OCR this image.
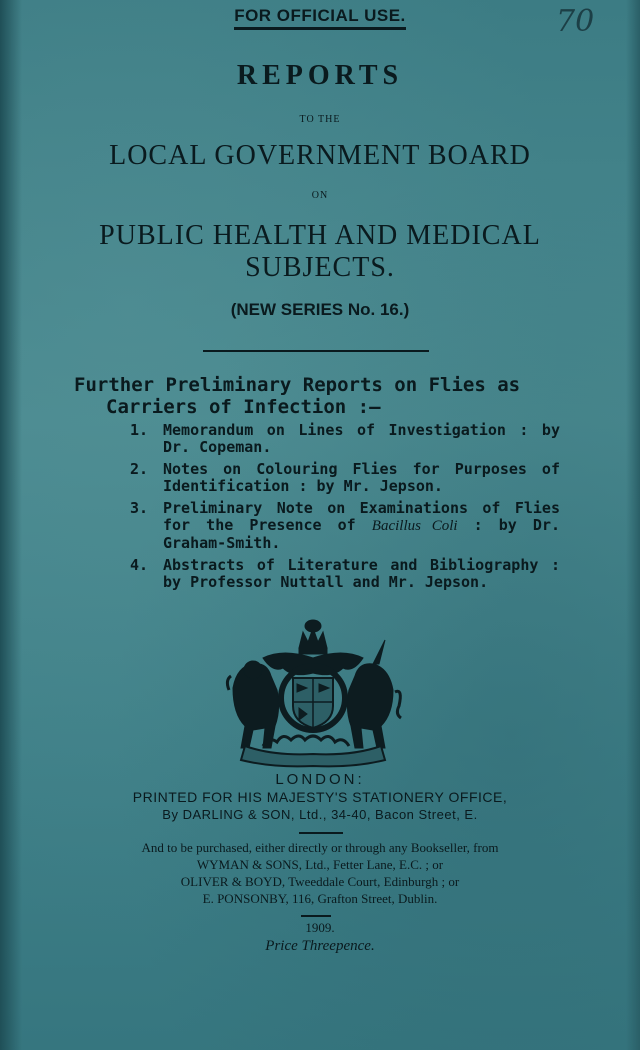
FOR OFFICIAL USE.	70
REPORTS
TO THE
LOCAL GOVERNMENT BOARD
ON
PUBLIC HEALTH AND MEDICAL
SUBJECTS.
(NEW SERIES No. 16.)
Further Preliminary Reports on Flies as
Carriers of Infection :—
1. Memorandum on Lines of Investigation : by Dr. Copeman.
2. Notes on Colouring Flies for Purposes of Identification : by Mr. Jepson.
3. Preliminary Note on Examinations of Flies for the Presence of Bacillus Coli : by Dr. Graham-Smith.
4. Abstracts of Literature and Bibliography : by Professor Nuttall and Mr. Jepson.
LONDON:
PRINTED FOR HIS MAJESTY'S STATIONERY OFFICE,
By DARLING & SON, Ltd., 34-40, Bacon Street, E.
And to be purchased, either directly or through any Bookseller, from
WYMAN & SONS, Ltd., Fetter Lane, E.C. ; or
OLIVER & BOYD, Tweeddale Court, Edinburgh ; or
E. PONSONBY, 116, Grafton Street, Dublin.
1909.
Price Threepence.
